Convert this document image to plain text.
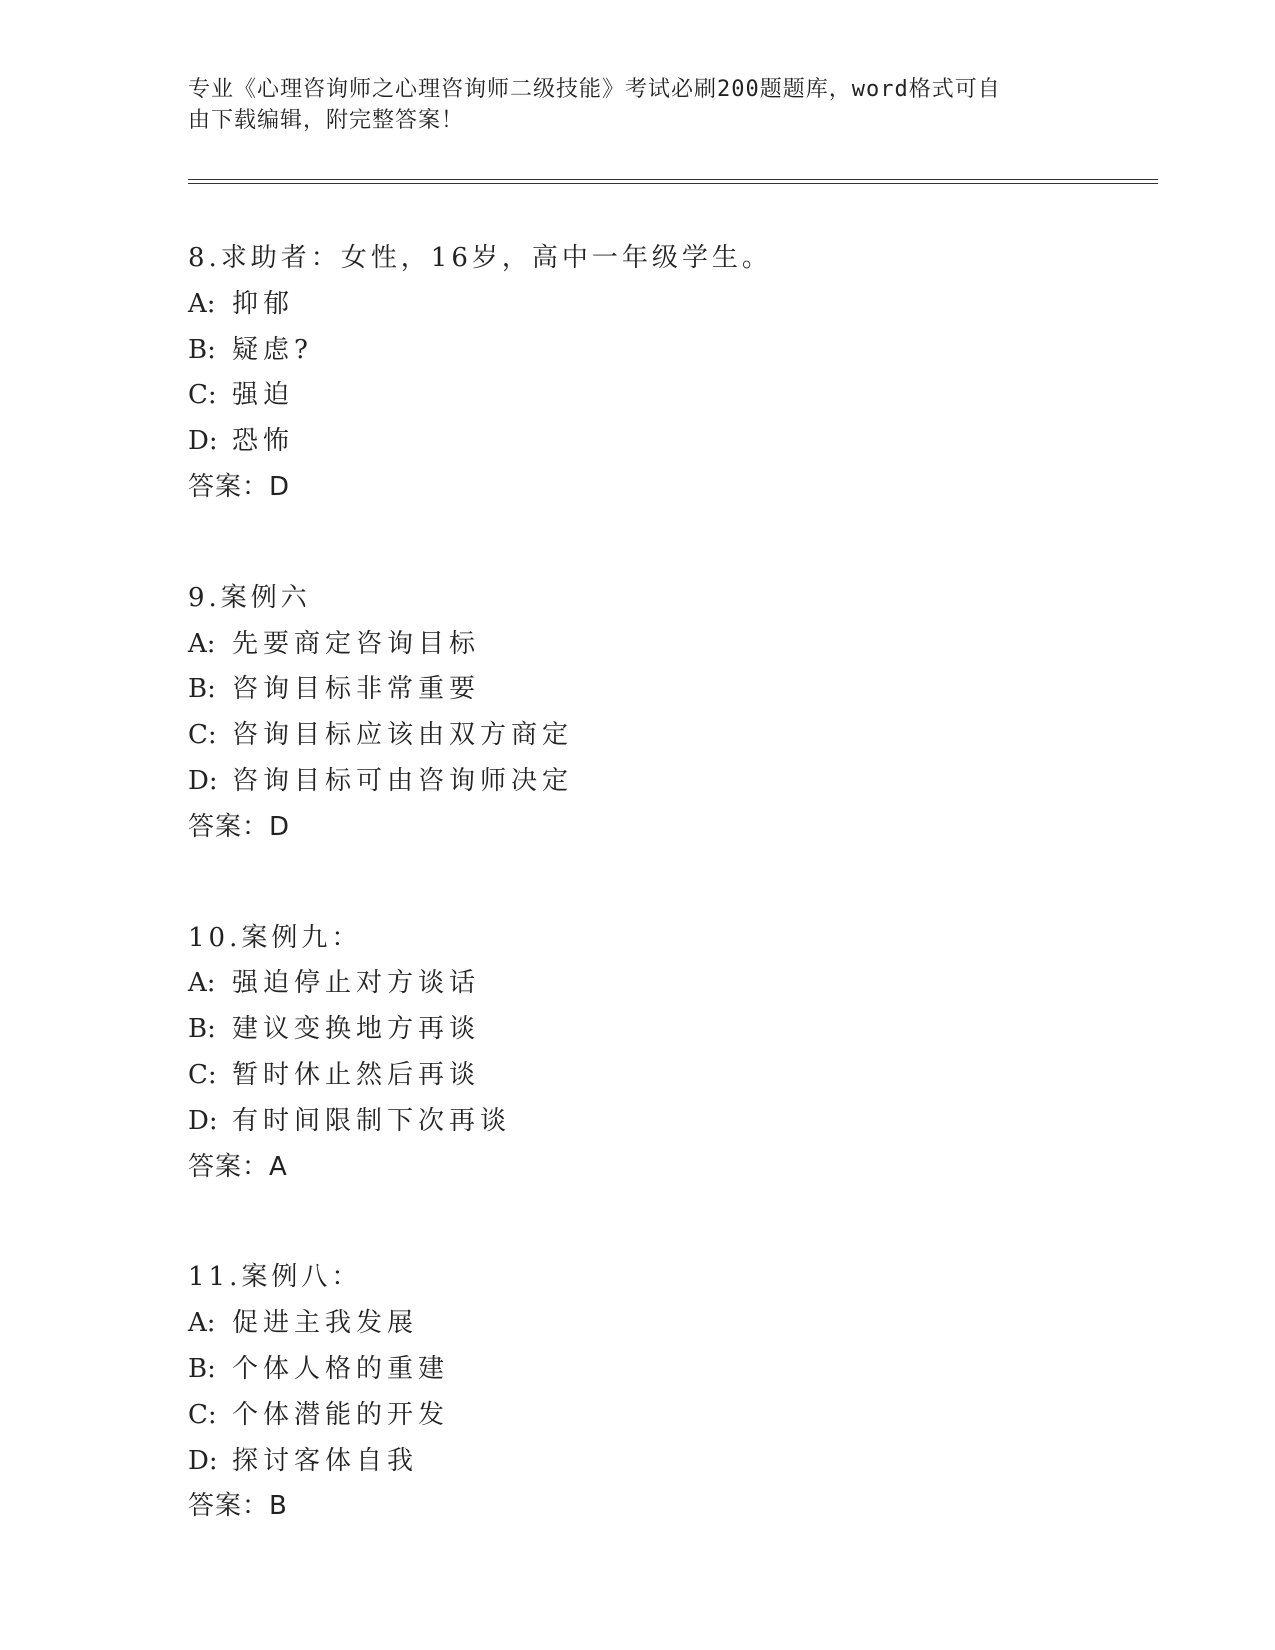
专业《心理咨询师之心理咨询师二级技能》考试必刷200题题库，word格式可自
由下载编辑，附完整答案！
8.求助者：女性，16岁，高中一年级学生。
A: 抑郁
B: 疑虑?
C: 强迫
D: 恐怖
答案：D
9.案例六
A: 先要商定咨询目标
B: 咨询目标非常重要
C: 咨询目标应该由双方商定
D: 咨询目标可由咨询师决定
答案：D
10.案例九：
A: 强迫停止对方谈话
B: 建议变换地方再谈
C: 暂时休止然后再谈
D: 有时间限制下次再谈
答案：A
11.案例八：
A: 促进主我发展
B: 个体人格的重建
C: 个体潜能的开发
D: 探讨客体自我
答案：B
